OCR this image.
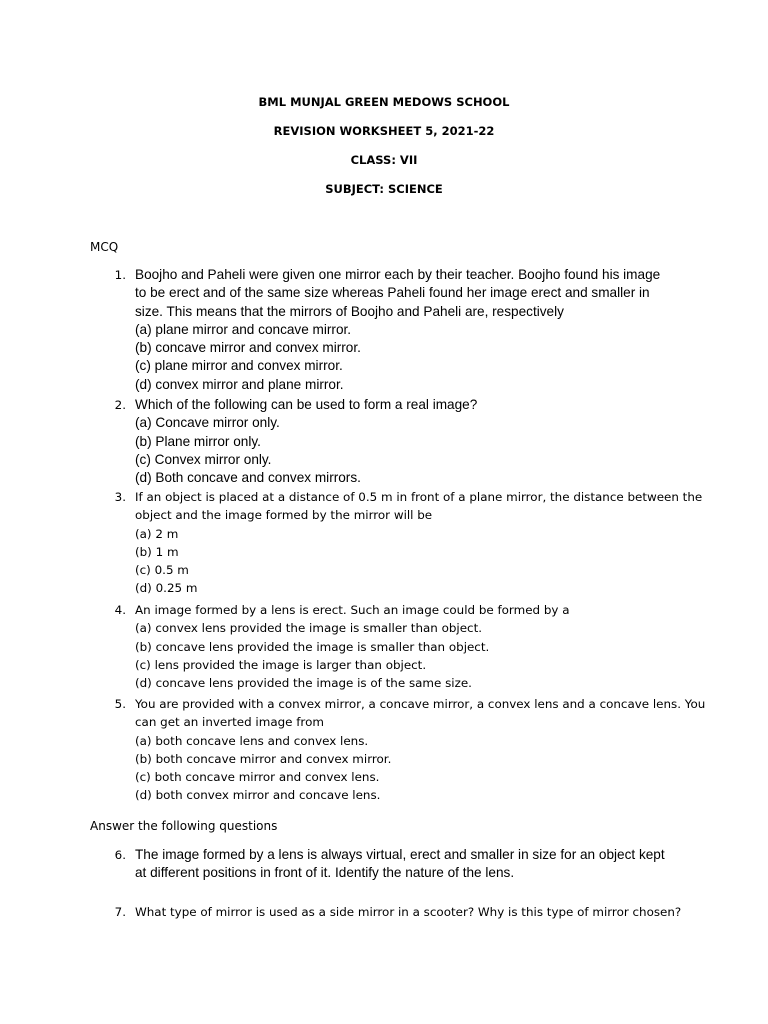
BML MUNJAL GREEN MEDOWS SCHOOL
REVISION WORKSHEET 5, 2021-22
CLASS: VII
SUBJECT: SCIENCE
MCQ
1. Boojho and Paheli were given one mirror each by their teacher. Boojho found his image
to be erect and of the same size whereas Paheli found her image erect and smaller in
size. This means that the mirrors of Boojho and Paheli are, respectively
(a) plane mirror and concave mirror.
(b) concave mirror and convex mirror.
(c) plane mirror and convex mirror.
(d) convex mirror and plane mirror.
2. Which of the following can be used to form a real image?
(a) Concave mirror only.
(b) Plane mirror only.
(c) Convex mirror only.
(d) Both concave and convex mirrors.
3. If an object is placed at a distance of 0.5 m in front of a plane mirror, the distance between the
object and the image formed by the mirror will be
(a) 2 m
(b) 1 m
(c) 0.5 m
(d) 0.25 m
4. An image formed by a lens is erect. Such an image could be formed by a
(a) convex lens provided the image is smaller than object.
(b) concave lens provided the image is smaller than object.
(c) lens provided the image is larger than object.
(d) concave lens provided the image is of the same size.
5. You are provided with a convex mirror, a concave mirror, a convex lens and a concave lens. You
can get an inverted image from
(a) both concave lens and convex lens.
(b) both concave mirror and convex mirror.
(c) both concave mirror and convex lens.
(d) both convex mirror and concave lens.
Answer the following questions
6. The image formed by a lens is always virtual, erect and smaller in size for an object kept
at different positions in front of it. Identify the nature of the lens.
7. What type of mirror is used as a side mirror in a scooter? Why is this type of mirror chosen?
